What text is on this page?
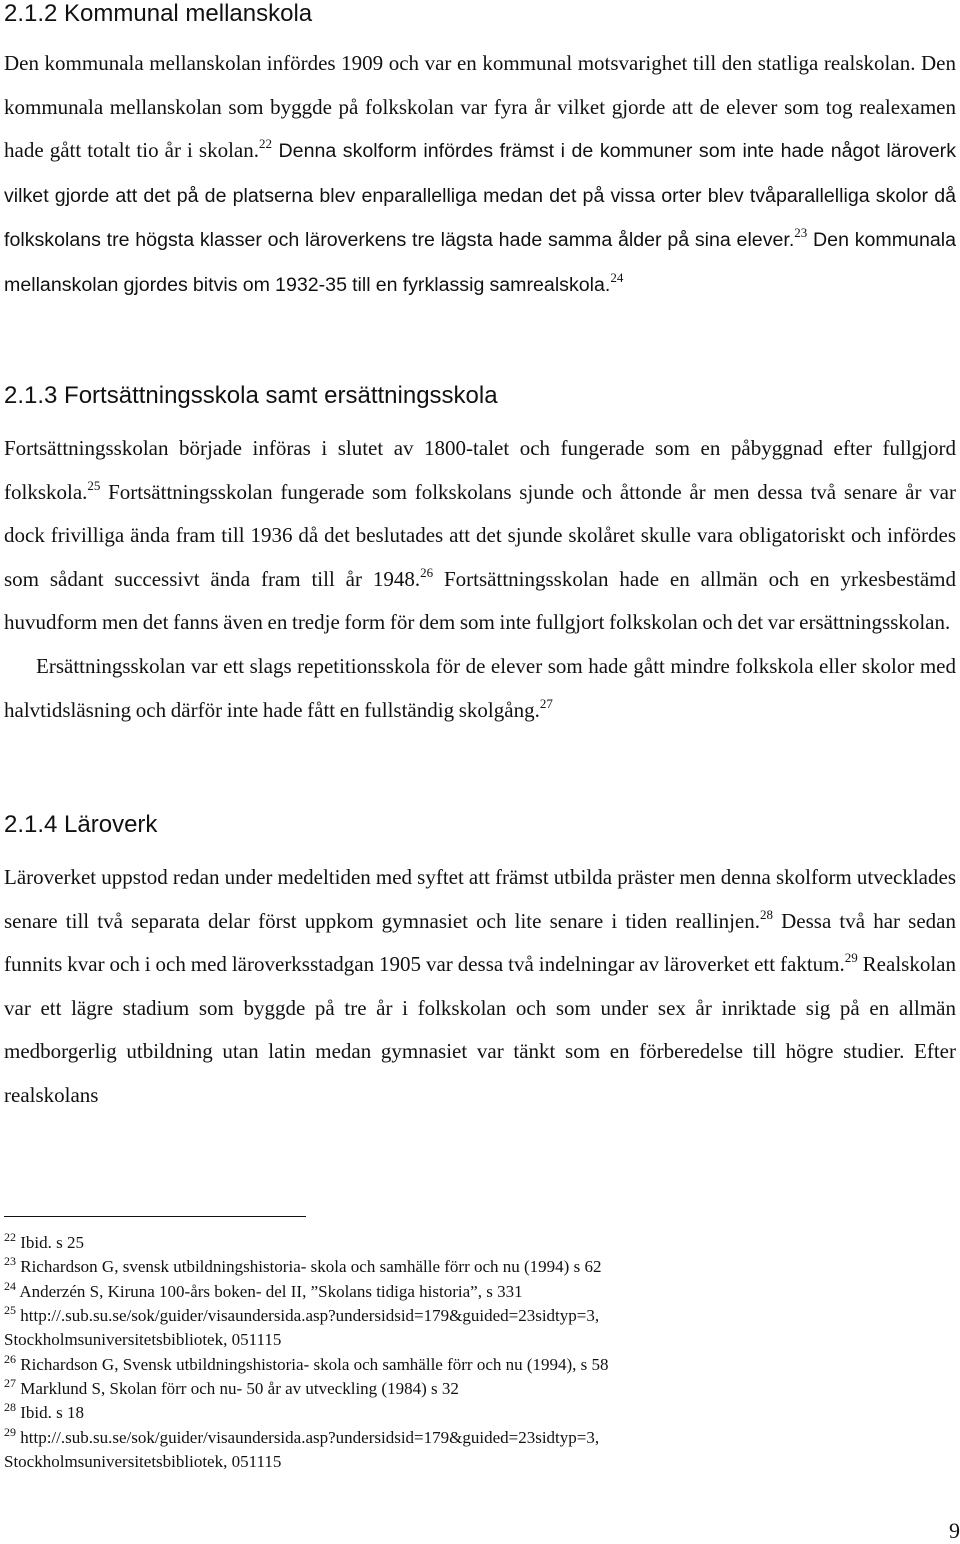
2.1.2 Kommunal mellanskola

Den kommunala mellanskolan infördes 1909 och var en kommunal motsvarighet till den statliga realskolan. Den kommunala mellanskolan som byggde på folkskolan var fyra år vilket gjorde att de elever som tog realexamen hade gått totalt tio år i skolan.$^{22}$ Denna skolform infördes främst i de kommuner som inte hade något läroverk vilket gjorde att det på de platserna blev enparallelliga medan det på vissa orter blev tvåparallelliga skolor då folkskolans tre högsta klasser och läroverkens tre lägsta hade samma ålder på sina elever.$^{23}$ Den kommunala mellanskolan gjordes bitvis om 1932-35 till en fyrklassig samrealskola.$^{24}$

2.1.3 Fortsättningsskola samt ersättningsskola

Fortsättningsskolan började införas i slutet av 1800-talet och fungerade som en påbyggnad efter fullgjord folkskola.$^{25}$ Fortsättningsskolan fungerade som folkskolans sjunde och åttonde år men dessa två senare år var dock frivilliga ända fram till 1936 då det beslutades att det sjunde skolåret skulle vara obligatoriskt och infördes som sådant successivt ända fram till år 1948.26 Fortsättningsskolan hade en allmän och en yrkesbestämd huvudform men det fanns även en tredje form för dem som inte fullgjort folkskolan och det var ersättningsskolan.

Ersättningsskolan var ett slags repetitionsskola för de elever som hade gått mindre folkskola eller skolor med halvtidsläsning och därför inte hade fått en fullständig skolgång.$^{27}$

2.1.4 Läroverk

Läroverket uppstod redan under medeltiden med syftet att främst utbilda präster men denna skolform utvecklades senare till två separata delar först uppkom gymnasiet och lite senare i tiden reallinjen.$^{28}$ Dessa två har sedan funnits kvar och i och med läroverksstadgan 1905 var dessa två indelningar av läroverket ett faktum.$^{29}$ Realskolan var ett lägre stadium som byggde på tre år i folkskolan och som under sex år inriktade sig på en allmän medborgerlig utbildning utan latin medan gymnasiet var tänkt som en förberedelse till högre studier. Efter realskolans

$^{22}$ Ibid. s 25
$^{23}$ Richardson G, svensk utbildningshistoria- skola och samhälle förr och nu (1994) s 62
$^{24}$ Anderzén S, Kiruna 100-års boken- del II, ”Skolans tidiga historia”, s 331
$^{25}$ http://.sub.su.se/sok/guider/visaundersida.asp?undersidsid=179&guided=23sidtyp=3,
Stockholmsuniversitetsbibliotek, 051115
$^{26}$ Richardson G, Svensk utbildningshistoria- skola och samhälle förr och nu (1994), s 58
$^{27}$ Marklund S, Skolan förr och nu- 50 år av utveckling (1984) s 32
$^{28}$ Ibid. s 18
$^{29}$ http://.sub.su.se/sok/guider/visaundersida.asp?undersidsid=179&guided=23sidtyp=3,
Stockholmsuniversitetsbibliotek, 051115
9
